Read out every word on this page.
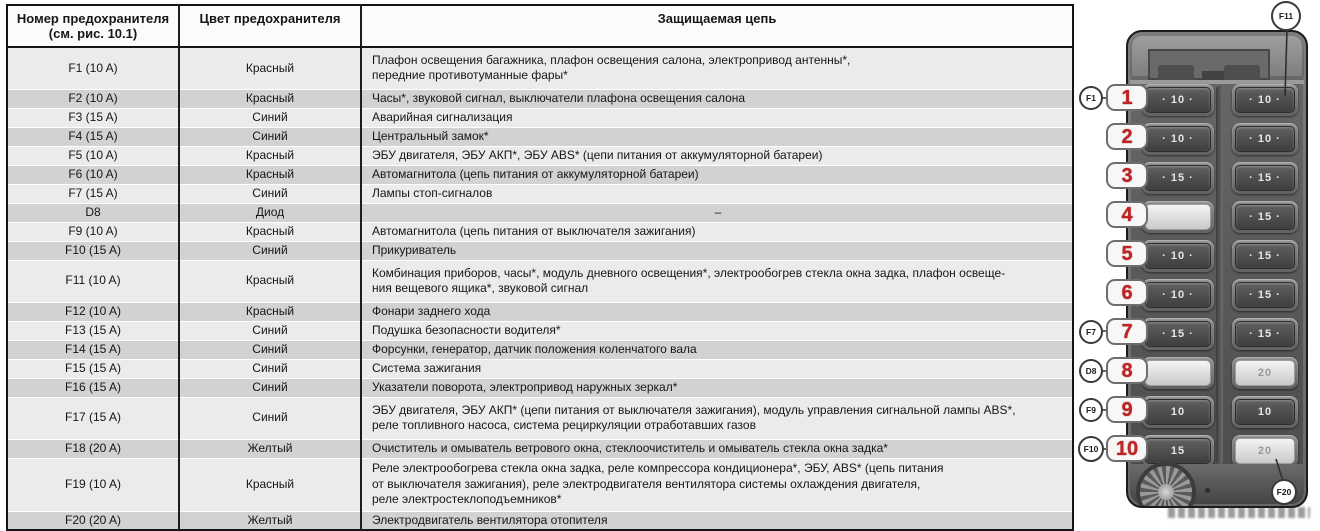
Номер предохранителя
(см. рис. 10.1)	Цвет предохранителя	Защищаемая цепь
F1 (10 A)	Красный	Плафон освещения багажника, плафон освещения салона, электропривод антенны*,
передние противотуманные фары*
F2 (10 A)	Красный	Часы*, звуковой сигнал, выключатели плафона освещения салона
F3 (15 A)	Синий	Аварийная сигнализация
F4 (15 A)	Синий	Центральный замок*
F5 (10 A)	Красный	ЭБУ двигателя, ЭБУ АКП*, ЭБУ ABS* (цепи питания от аккумуляторной батареи)
F6 (10 A)	Красный	Автомагнитола (цепь питания от аккумуляторной батареи)
F7 (15 A)	Синий	Лампы стоп-сигналов
D8	Диод	–
F9 (10 A)	Красный	Автомагнитола (цепь питания от выключателя зажигания)
F10 (15 A)	Синий	Прикуриватель
F11 (10 A)	Красный	Комбинация приборов, часы*, модуль дневного освещения*, электрообогрев стекла окна задка, плафон освеще-
ния вещевого ящика*, звуковой сигнал
F12 (10 A)	Красный	Фонари заднего хода
F13 (15 A)	Синий	Подушка безопасности водителя*
F14 (15 A)	Синий	Форсунки, генератор, датчик положения коленчатого вала
F15 (15 A)	Синий	Система зажигания
F16 (15 A)	Синий	Указатели поворота, электропривод наружных зеркал*
F17 (15 A)	Синий	ЭБУ двигателя, ЭБУ АКП* (цепи питания от выключателя зажигания), модуль управления сигнальной лампы ABS*,
реле топливного насоса, система рециркуляции отработавших газов
F18 (20 A)	Желтый	Очиститель и омыватель ветрового окна, стеклоочиститель и омыватель стекла окна задка*
F19 (10 A)	Красный	Реле электрообогрева стекла окна задка, реле компрессора кондиционера*, ЭБУ, ABS* (цепь питания
от выключателя зажигания), реле электродвигателя вентилятора системы охлаждения двигателя,
реле электростеклоподъемников*
F20 (20 A)	Желтый	Электродвигатель вентилятора отопителя
· 10 ·	· 10 ·
· 10 ·	· 10 ·
· 15 ·	· 15 ·
· 15 ·
· 10 ·	· 15 ·
· 10 ·	· 15 ·
· 15 ·	· 15 ·
20
10	10
15	20
1
2
3
4
5
6
7
8
9
10
F1
F7
D8
F9
F10
F11
F20
